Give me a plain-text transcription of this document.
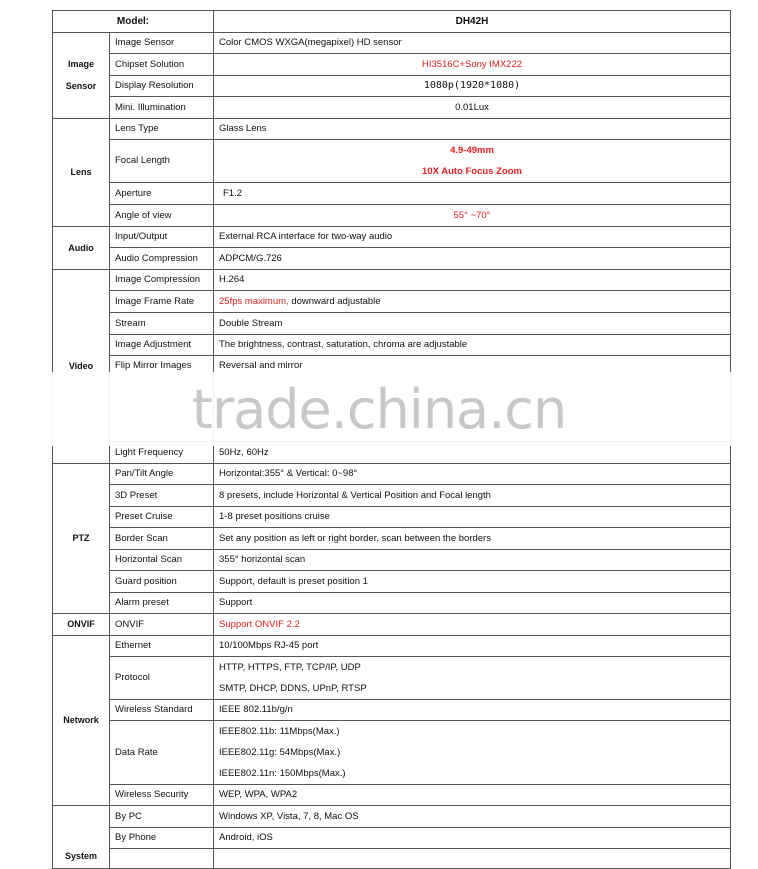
Model:		DH42H
Image

Sensor	Image Sensor	Color CMOS WXGA(megapixel) HD sensor
	Chipset Solution	HI3516C+Sony IMX222
	Display Resolution	1080p(1920*1080)
	Mini. Illumination	0.01Lux
Lens	Lens Type	Glass Lens
	Focal Length	4.9-49mm
10X Auto Focus Zoom

	Aperture	F1.2
	Angle of view	55° ~70°
Audio	Input/Output	External RCA interface for two-way audio
	Audio Compression	ADPCM/G.726
Video	Image Compression	H.264
	Image Frame Rate	25fps maximum, downward adjustable
	Stream	Double Stream
	Image Adjustment	The brightness, contrast, saturation, chroma are adjustable
	Flip Mirror Images	Reversal and mirror
	Light Frequency	50Hz, 60Hz
PTZ	Pan/Tilt Angle	Horizontal:355° & Vertical: 0~98°
	3D Preset	8 presets, include Horizontal & Vertical Position and Focal length
	Preset Cruise	1-8 preset positions cruise
	Border Scan	Set any position as left or right border, scan between the borders
	Horizontal Scan	355° horizontal scan
	Guard position	Support, default is preset position 1
	Alarm preset	Support
ONVIF	ONVIF	Support ONVIF 2.2
Network	Ethernet	10/100Mbps RJ-45 port
	Protocol	HTTP, HTTPS, FTP, TCP/IP, UDP
SMTP, DHCP, DDNS, UPnP, RTSP

	Wireless Standard	IEEE 802.11b/g/n
	Data Rate	IEEE802.11b: 11Mbps(Max.)
IEEE802.11g: 54Mbps(Max.)
IEEE802.11n: 150Mbps(Max.)

	Wireless Security	WEP, WPA, WPA2
System	By PC	Windows XP, Vista, 7, 8, Mac OS
	By Phone	Android, iOS

trade.china.cn
